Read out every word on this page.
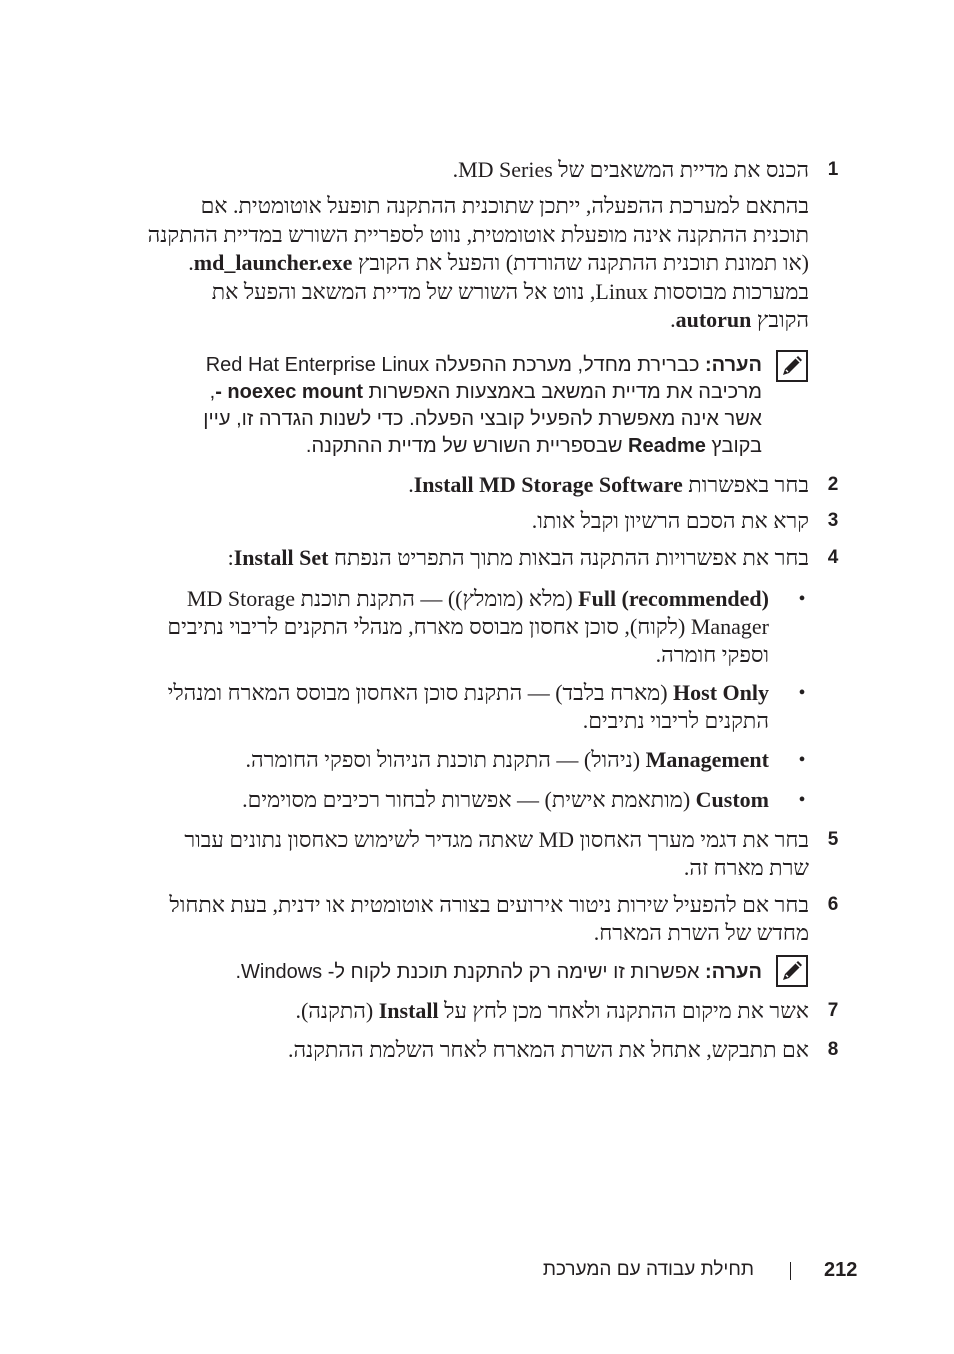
1
הכנס את מדיית המשאבים של MD Series.
בהתאם למערכת ההפעלה, ייתכן שתוכנית ההתקנה תופעל אוטומטית. אם
תוכנית ההתקנה אינה מופעלת אוטומטית, נווט לספריית השורש במדיית ההתקנה
(או תמונת תוכנית ההתקנה שהורדת) והפעל את הקובץ md_launcher.exe.
במערכות מבוססות Linux, נווט אל השורש של מדיית המשאב והפעל את
הקובץ autorun.
הערה: כברירת מחדל, מערכת ההפעלה Red Hat Enterprise Linux
מרכיבה את מדיית המשאב באמצעות האפשרות noexec mount -,
אשר אינה מאפשרת להפעיל קובצי הפעלה. כדי לשנות הגדרה זו, עיין
בקובץ Readme שבספריית השורש של מדיית ההתקנה.
2
בחר באפשרות Install MD Storage Software.
3
קרא את הסכם הרשיון וקבל אותו.
4
בחר את אפשרויות ההתקנה הבאות מתוך התפריט הנפתח Install Set:
•
Full (recommended) (מלא (מומלץ)) — התקנת תוכנת MD Storage
Manager (לקוח), סוכן אחסון מבוסס מארח, מנהלי התקנים לריבוי נתיבים
וספקי חומרה.
•
Host Only (מארח בלבד) — התקנת סוכן האחסון מבוסס המארח ומנהלי
התקנים לריבוי נתיבים.
•
Management (ניהול) — התקנת תוכנת הניהול וספקי החומרה.
•
Custom (מותאמת אישית) — אפשרות לבחור רכיבים מסוימים.
5
בחר את דגמי מערך האחסון MD שאתה מגדיר לשימוש כאחסון נתונים עבור
שרת מארח זה.
6
בחר אם להפעיל שירות ניטור אירועים בצורה אוטומטית או ידנית, בעת אתחול
מחדש של השרת המארח.
הערה: אפשרות זו ישימה רק להתקנת תוכנת לקוח ל- Windows.
7
אשר את מיקום ההתקנה ולאחר מכן לחץ על Install (התקנה).
8
אם תתבקש, אתחל את השרת המארח לאחר השלמת ההתקנה.
212
תחילת עבודה עם המערכת
